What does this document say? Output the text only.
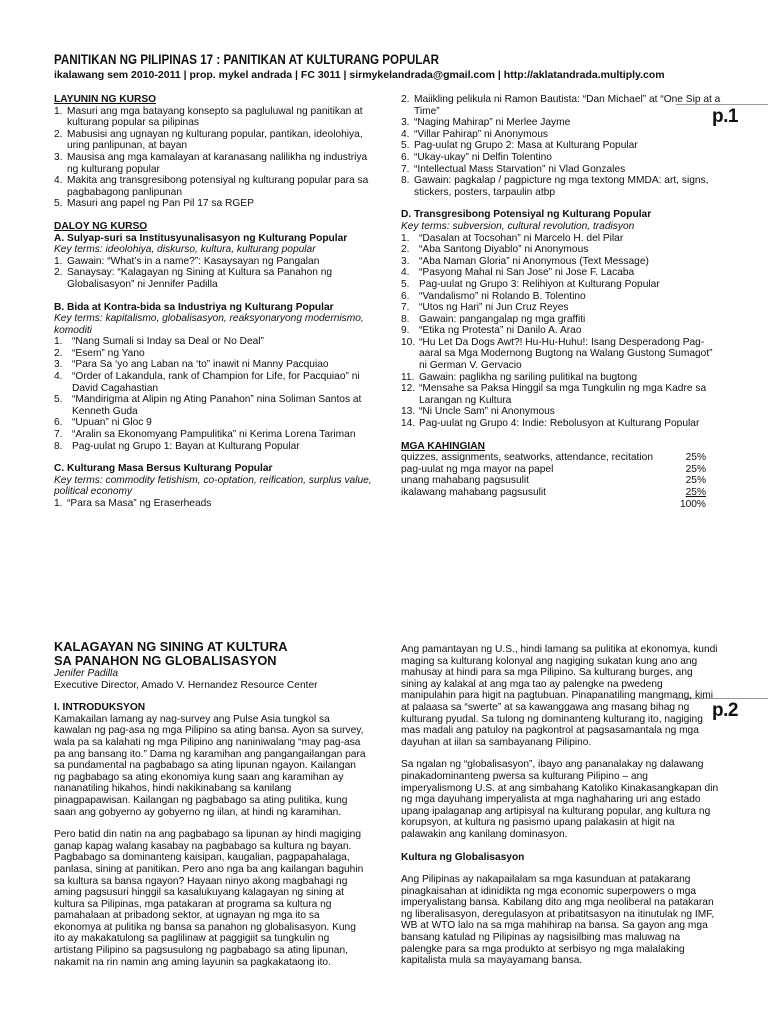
p.1
PANITIKAN NG PILIPINAS 17 : PANITIKAN AT KULTURANG POPULAR
ikalawang sem 2010-2011 | prop. mykel andrada | FC 3011 | sirmykelandrada@gmail.com | http://aklatandrada.multiply.com
LAYUNIN NG KURSO
1. Masuri ang mga batayang konsepto sa pagluluwal ng panitikan at kulturang popular sa pilipinas
2. Mabusisi ang ugnayan ng kulturang popular, pantikan, ideolohiya, uring panlipunan, at bayan
3. Mausisa ang mga kamalayan at karanasang nalilikha ng industriya ng kulturang popular
4. Makita ang transgresibong potensiyal ng kulturang popular para sa pagbabagong panlipunan
5. Masuri ang papel ng Pan Pil 17 sa RGEP
DALOY NG KURSO
A. Sulyap-suri sa Institusyunalisasyon ng Kulturang Popular
Key terms: ideolohiya, diskurso, kultura, kulturang popular
1. Gawain: “What’s in a name?”: Kasaysayan ng Pangalan
2. Sanaysay: “Kalagayan ng Sining at Kultura sa Panahon ng Globalisasyon” ni Jennifer Padilla
B. Bida at Kontra-bida sa Industriya ng Kulturang Popular
Key terms: kapitalismo, globalisasyon, reaksyonaryong modernismo, komoditi
1. “Nang Sumali si Inday sa Deal or No Deal”
2. “Esem” ng Yano
3. “Para Sa ‘yo ang Laban na ‘to” inawit ni Manny Pacquiao
4. “Order of Lakandula, rank of Champion for Life, for Pacquiao” ni David Cagahastian
5. “Mandirigma at Alipin ng Ating Panahon” nina Soliman Santos at Kenneth Guda
6. “Upuan” ni Gloc 9
7. “Aralin sa Ekonomyang Pampulitika” ni Kerima Lorena Tariman
8. Pag-uulat ng Grupo 1: Bayan at Kulturang Popular
C. Kulturang Masa Bersus Kulturang Popular
Key terms: commodity fetishism, co-optation, reification, surplus value, political economy
1. “Para sa Masa” ng Eraserheads
2. Maiikling pelikula ni Ramon Bautista: “Dan Michael” at “One Sip at a Time”
3. “Naging Mahirap” ni Merlee Jayme
4. “Villar Pahirap” ni Anonymous
5. Pag-uulat ng Grupo 2: Masa at Kulturang Popular
6. “Ukay-ukay” ni Delfin Tolentino
7. “Intellectual Mass Starvation” ni Vlad Gonzales
8. Gawain: pagkalap / pagpicture ng mga textong MMDA: art, signs, stickers, posters, tarpaulin atbp
D. Transgresibong Potensiyal ng Kulturang Popular
Key terms: subversion, cultural revolution, tradisyon
1. “Dasalan at Tocsohan” ni Marcelo H. del Pilar
2. “Aba Santong Diyablo” ni Anonymous
3. “Aba Naman Gloria” ni Anonymous (Text Message)
4. “Pasyong Mahal ni San Jose” ni Jose F. Lacaba
5. Pag-uulat ng Grupo 3: Relihiyon at Kulturang Popular
6. “Vandalismo” ni Rolando B. Tolentino
7. “Utos ng Hari” ni Jun Cruz Reyes
8. Gawain: pangangalap ng mga graffiti
9. “Etika ng Protesta” ni Danilo A. Arao
10. “Hu Let Da Dogs Awt?! Hu-Hu-Huhu!: Isang Desperadong Pag-aaral sa Mga Modernong Bugtong na Walang Gustong Sumagot” ni German V. Gervacio
11. Gawain: paglikha ng sariling pulitikal na bugtong
12. “Mensahe sa Paksa Hinggil sa mga Tungkulin ng mga Kadre sa Larangan ng Kultura
13. “Ni Uncle Sam” ni Anonymous
14. Pag-uulat ng Grupo 4: Indie: Rebolusyon at Kulturang Popular
MGA KAHINGIAN
quizzes, assignments, seatworks, attendance, recitation	25%
pag-uulat ng mga mayor na papel	25%
unang mahabang pagsusulit	25%
ikalawang mahabang pagsusulit	25%
	100%
p.2
KALAGAYAN NG SINING AT KULTURA
SA PANAHON NG GLOBALISASYON
Jenifer Padilla
Executive Director, Amado V. Hernandez Resource Center
I. INTRODUKSYON

Kamakailan lamang ay nag-survey ang Pulse Asia tungkol sa kawalan ng pag-asa ng mga Pilipino sa ating bansa. Ayon sa survey, wala pa sa kalahati ng mga Pilipino ang naniniwalang “may pag-asa pa ang bansang ito.” Dama ng karamihan ang pangangailangan para sa pundamental na pagbabago sa ating lipunan ngayon. Kailangan ng pagbabago sa ating ekonomiya kung saan ang karamihan ay nananatiling hikahos, hindi nakikinabang sa kanilang pinagpapawisan. Kailangan ng pagbabago sa ating pulitika, kung saan ang gobyerno ay gobyerno ng iilan, at hindi ng karamihan.

Pero batid din natin na ang pagbabago sa lipunan ay hindi magiging ganap kapag walang kasabay na pagbabago sa kultura ng bayan. Pagbabago sa dominanteng kaisipan, kaugalian, pagpapahalaga, panlasa, sining at panitikan. Pero ano nga ba ang kailangan baguhin sa kultura sa bansa ngayon? Hayaan ninyo akong magbahagi ng aming pagsusuri hinggil sa kasalukuyang kalagayan ng sining at kultura sa Pilipinas, mga patakaran at programa sa kultura ng pamahalaan at pribadong sektor, at ugnayan ng mga ito sa ekonomya at pulitika ng bansa sa panahon ng globalisasyon. Kung ito ay makakatulong sa paglilinaw at paggigiit sa tungkulin ng artistang Pilipino sa pagsusulong ng pagbabago sa ating lipunan, nakamit na rin namin ang aming layunin sa pagkakataong ito.

Ang pamantayan ng U.S., hindi lamang sa pulitika at ekonomya, kundi maging sa kulturang kolonyal ang nagiging sukatan kung ano ang mahusay at hindi para sa mga Pilipino. Sa kulturang burges, ang sining ay kalakal at ang mga tao ay palengke na pwedeng manipulahin para higit na pagtubuan. Pinapanatiling mangmang, kimi at palaasa sa “swerte” at sa kawanggawa ang masang bihag ng kulturang pyudal. Sa tulong ng dominanteng kulturang ito, nagiging mas madali ang patuloy na pagkontrol at pagsasamantala ng mga dayuhan at iilan sa sambayanang Pilipino.

Sa ngalan ng “globalisasyon”, ibayo ang pananalakay ng dalawang pinakadominanteng pwersa sa kulturang Pilipino – ang imperyalismong U.S. at ang simbahang Katoliko Kinakasangkapan din ng mga dayuhang imperyalista at mga naghaharing uri ang estado upang ipalaganap ang artipisyal na kulturang popular, ang kultura ng korupsyon, at kultura ng pasismo upang palakasin at higit na palawakin ang kanilang dominasyon.

Kultura ng Globalisasyon

Ang Pilipinas ay nakapailalam sa mga kasunduan at patakarang pinagkaisahan at idinidikta ng mga economic superpowers o mga imperyalistang bansa. Kabilang dito ang mga neoliberal na patakaran ng liberalisasyon, deregulasyon at pribatitsasyon na itinutulak ng IMF, WB at WTO lalo na sa mga mahihirap na bansa. Sa gayon ang mga bansang katulad ng Pilipinas ay nagsisilbing mas maluwag na palengke para sa mga produkto at serbisyo ng mga malalaking kapitalista mula sa mayayamang bansa.
